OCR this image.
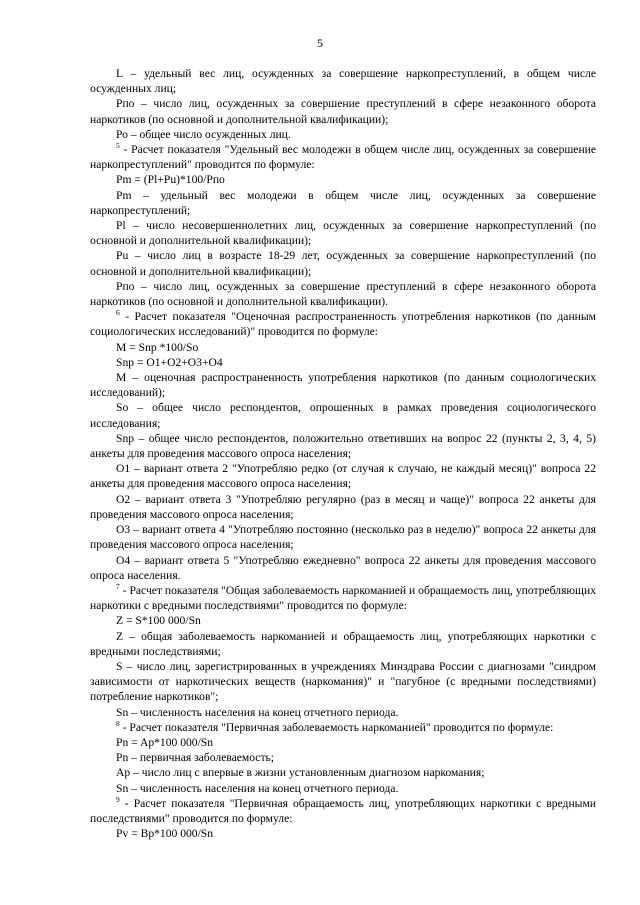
5

L – удельный вес лиц, осужденных за совершение наркопреступлений, в общем числе осужденных лиц;

Рпо – число лиц, осужденных за совершение преступлений в сфере незаконного оборота наркотиков (по основной и дополнительной квалификации);

Ро – общее число осужденных лиц.

$^5$ - Расчет показателя "Удельный вес молодежи в общем числе лиц, осужденных за совершение наркопреступлений" проводится по формуле:

Pm = (Pl+Pu)*100/Рпо

Pm – удельный вес молодежи в общем числе лиц, осужденных за совершение наркопреступлений;

Pl – число несовершеннолетних лиц, осужденных за совершение наркопреступлений (по основной и дополнительной квалификации);

Pu – число лиц в возрасте 18-29 лет, осужденных за совершение наркопреступлений (по основной и дополнительной квалификации);

Рпо – число лиц, осужденных за совершение преступлений в сфере незаконного оборота наркотиков (по основной и дополнительной квалификации).

$^6$ - Расчет показателя "Оценочная распространенность употребления наркотиков (по данным социологических исследований)" проводится по формуле:

M = Snp *100/So

Snp = O1+O2+O3+O4

M – оценочная распространенность употребления наркотиков (по данным социологических исследований);

So – общее число респондентов, опрошенных в рамках проведения социологического исследования;

Snp – общее число респондентов, положительно ответивших на вопрос 22 (пункты 2, 3, 4, 5) анкеты для проведения массового опроса населения;

O1 – вариант ответа 2 "Употребляю редко (от случая к случаю, не каждый месяц)" вопроса 22 анкеты для проведения массового опроса населения;

O2 – вариант ответа 3 "Употребляю регулярно (раз в месяц и чаще)" вопроса 22 анкеты для проведения массового опроса населения;

O3 – вариант ответа 4 "Употребляю постоянно (несколько раз в неделю)" вопроса 22 анкеты для проведения массового опроса населения;

O4 – вариант ответа 5 "Употребляю ежедневно" вопроса 22 анкеты для проведения массового опроса населения.

$^7$ - Расчет показателя "Общая заболеваемость наркоманией и обращаемость лиц, употребляющих наркотики с вредными последствиями" проводится по формуле:

Z = S*100 000/Sn

Z – общая заболеваемость наркоманией и обращаемость лиц, употребляющих наркотики с вредными последствиями;

S – число лиц, зарегистрированных в учреждениях Минздрава России с диагнозами "синдром зависимости от наркотических веществ (наркомания)" и "пагубное (с вредными последствиями) потребление наркотиков";

Sn – численность населения на конец отчетного периода.

$^8$ - Расчет показателя "Первичная заболеваемость наркоманией" проводится по формуле:

Pn = Ap*100 000/Sn

Pn – первичная заболеваемость;

Ap – число лиц с впервые в жизни установленным диагнозом наркомания;

Sn – численность населения на конец отчетного периода.

$^9$ - Расчет показателя "Первичная обращаемость лиц, употребляющих наркотики с вредными последствиями" проводится по формуле:

Pv = Bp*100 000/Sn
